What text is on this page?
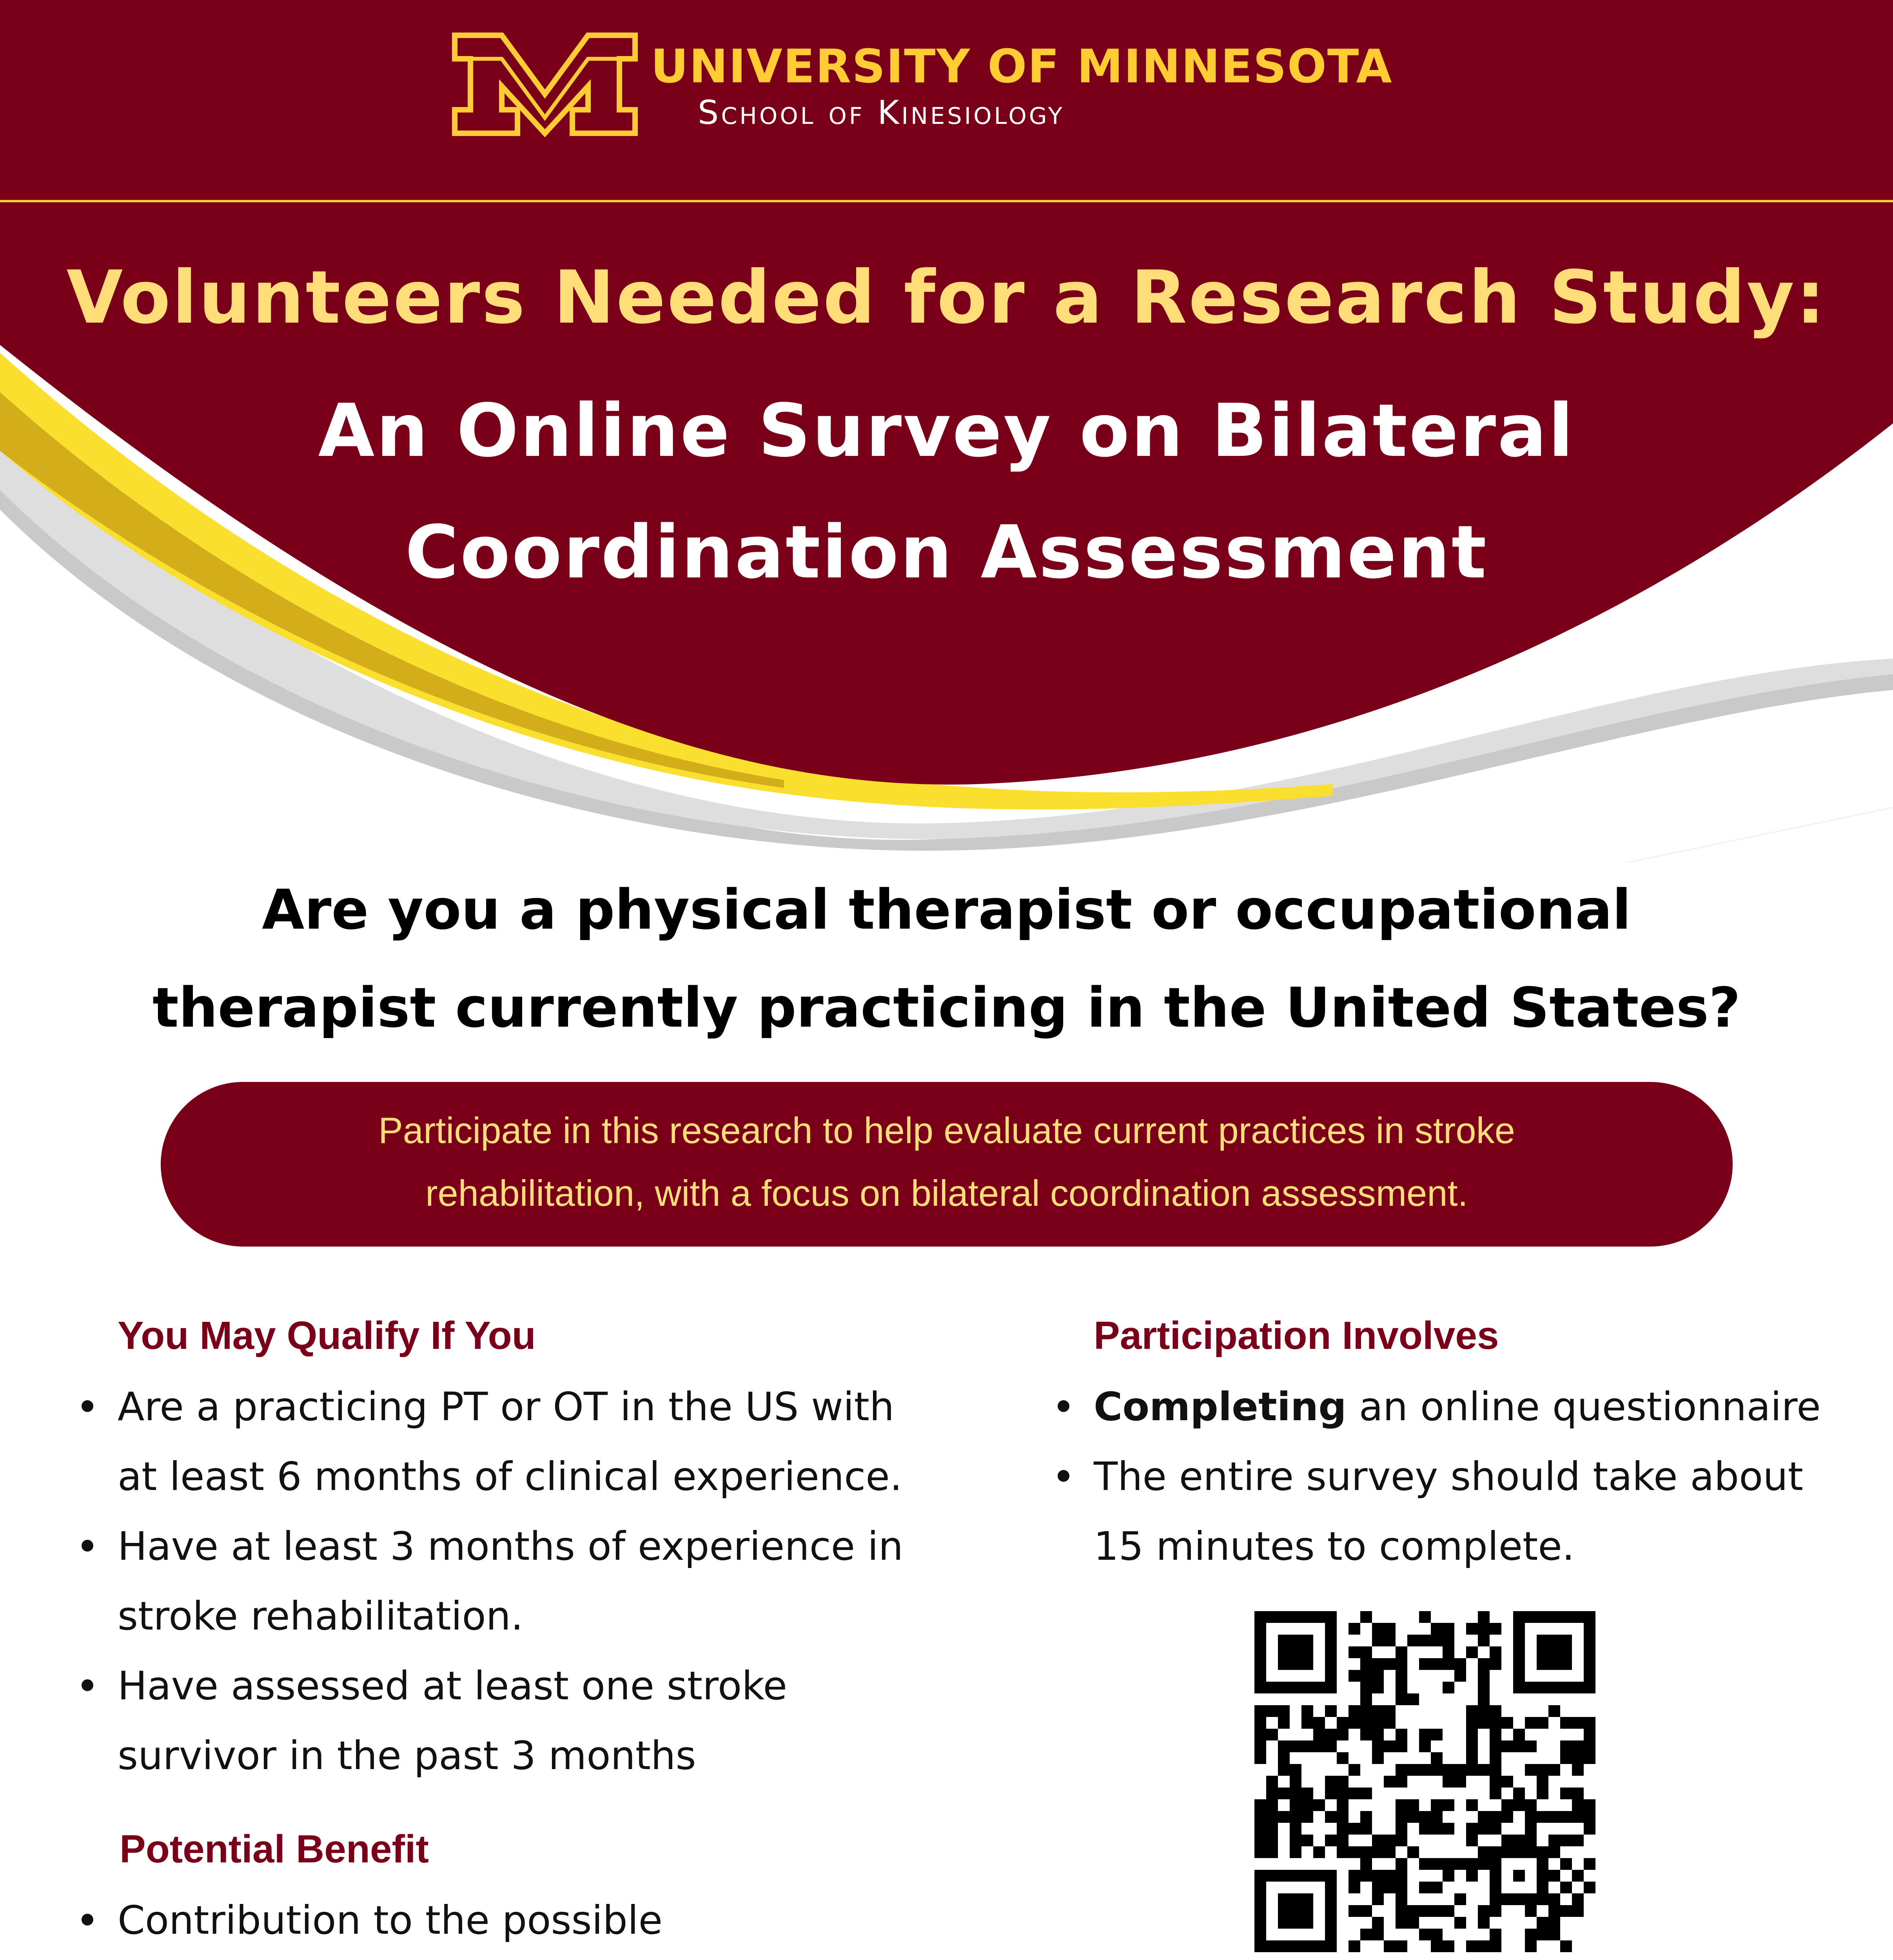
UNIVERSITY OF MINNESOTA
School of Kinesiology
Volunteers Needed for a Research Study:
An Online Survey on Bilateral
Coordination Assessment
Are you a physical therapist or occupational
therapist currently practicing in the United States?
Participate in this research to help evaluate current practices in stroke
rehabilitation, with a focus on bilateral coordination assessment.
You May Qualify If You
Are a practicing PT or OT in the US with
at least 6 months of clinical experience.
Have at least 3 months of experience in
stroke rehabilitation.
Have assessed at least one stroke
survivor in the past 3 months
Potential Benefit
Contribution to the possible

Participation Involves
Completing an online questionnaire
The entire survey should take about
15 minutes to complete.
